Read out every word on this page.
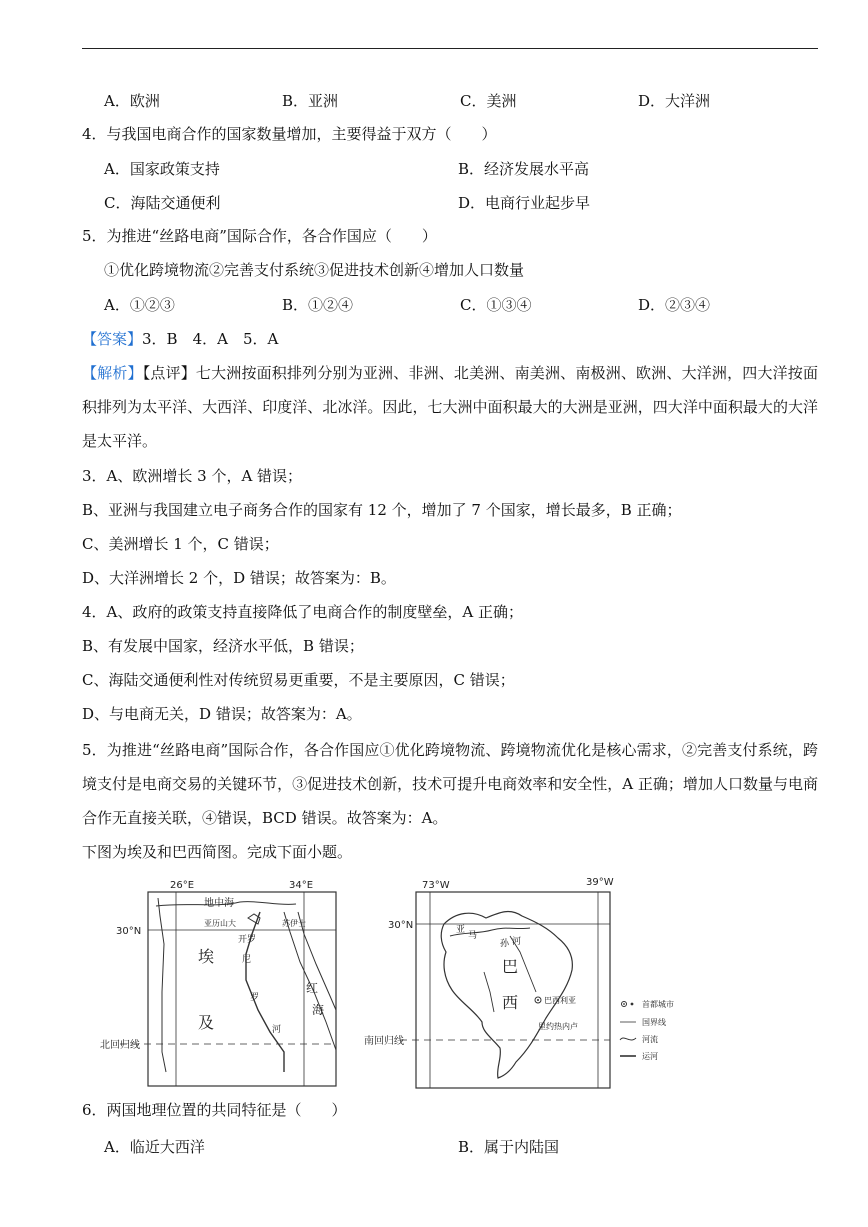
A．欧洲	B．亚洲	C．美洲	D．大洋洲
4．与我国电商合作的国家数量增加，主要得益于双方（　　）
A．国家政策支持	B．经济发展水平高
C．海陆交通便利	D．电商行业起步早
5．为推进“丝路电商”国际合作，各合作国应（　　）
①优化跨境物流②完善支付系统③促进技术创新④增加人口数量
A．①②③	B．①②④	C．①③④	D．②③④
【答案】3．B　4．A　5．A
【解析】【点评】七大洲按面积排列分别为亚洲、非洲、北美洲、南美洲、南极洲、欧洲、大洋洲，四大洋按面积排列为太平洋、大西洋、印度洋、北冰洋。因此，七大洲中面积最大的大洲是亚洲，四大洋中面积最大的大洋是太平洋。
3．A、欧洲增长 3 个，A 错误；
B、亚洲与我国建立电子商务合作的国家有 12 个，增加了 7 个国家，增长最多，B 正确；
C、美洲增长 1 个，C 错误；
D、大洋洲增长 2 个，D 错误；故答案为：B。
4．A、政府的政策支持直接降低了电商合作的制度壁垒，A 正确；
B、有发展中国家，经济水平低，B 错误；
C、海陆交通便利性对传统贸易更重要，不是主要原因，C 错误；
D、与电商无关，D 错误；故答案为：A。
5．为推进“丝路电商”国际合作，各合作国应①优化跨境物流、跨境物流优化是核心需求，②完善支付系统，跨境支付是电商交易的关键环节，③促进技术创新，技术可提升电商效率和安全性，A 正确；增加人口数量与电商合作无直接关联，④错误，BCD 错误。故答案为：A。
下图为埃及和巴西简图。完成下面小题。
26°E	34°E
30°N
地中海
亚历山大	苏伊士
开罗
尼
罗
河
红
海
埃
及
北回归线
73°W	39°W
30°N	亚
马
孙 河
巴
西	巴西利亚
里约热内卢
南回归线
首都 城市
国界线
河流
运河
6．两国地理位置的共同特征是（　　）
A．临近大西洋	B．属于内陆国
